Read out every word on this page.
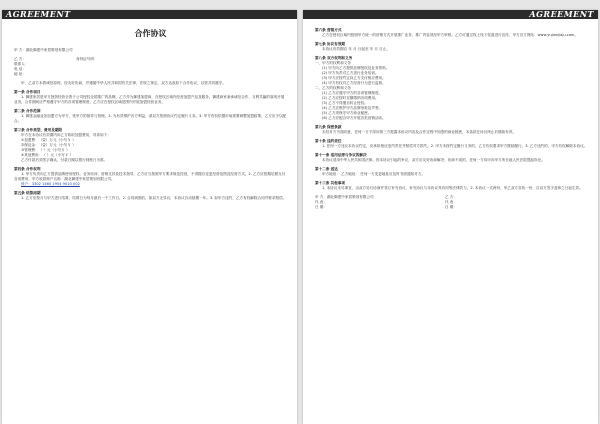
AGREEMENT
合作协议
甲 方：湖北御建中家居策划有限公司
乙 方：	身份证号码：
联系人：
电 话：
地 址：
甲、乙双方本着诚信原则，经友好协商，并遵循中华人民共和国有关法律、法规之规定，双方达成如下合作协议，以资共同遵守。
第一条 合作项目
1. 御建家居是甲方独资经营全资子公司授权全国推广的品牌，乙方作为御建加盟商，在授权区域内经营加盟产品及服务。御建商家秉承诚信合作、互利共赢的原则开展业务，合作期间应严格遵守甲方的各项管理制度，乙方应在授权区域范围内开展加盟经营业务。
第二条 合作范围
1. 御建金融业务加盟方为甲方，受甲方的指导与管理。2. 为有效维护各方利益，请双方按照协议约定履行义务。3. 甲方有权依据市场需要调整加盟政策，乙方应予以配合。
第三条 合作类型、费用及期限
甲方在本协议有效期内向乙方收取加盟费用，具体如下：
①加盟费：（壹）万元（小写￥ ）
②保证金：（壹）万元（小写￥ ）
③管理费：（ ）元（小写￥ ）
④其他费用：（ ）元（小写￥ ）
乙方付款后须签字确认，付款日期以银行到账日为准。
第四条 合作权利
1. 甲方负责向乙方提供品牌使用授权、业务培训、营销支持及技术指导，乙方应当按照甲方要求规范经营，不得擅自变更经营范围及经营方式。2. 乙方应按期足额支付各项费用，甲方收款账户名称：湖北御建中家居策划有限公司。
账户：3302 1460 1954 9010 002
第五条 结算周期
1. 乙方应按月与甲方进行结算，结算日为每月最后一个工作日。2. 合同到期后，如双方无异议，本协议自动续期一年。3. 如甲方违约，乙方有权解除合同并要求赔偿。
AGREEMENT
第六条 营销方式
乙方在授权区域内按照甲方统一的营销方式开展推广业务，推广内容须经甲方审核。乙方可通过线上线下渠道进行宣传，甲方官方网站：www.yujianjiaju.com。
第七条 协议有效期
本协议有效期自 年 月 日起至 年 月 日止。
第八条 双方权利和义务
一、甲方的权利和义务
(1) 甲方向乙方提供品牌授权及业务资料。
(2) 甲方负责对乙方进行业务培训。
(3) 甲方应按约定向乙方支付相应费用。
(4) 甲方有权对乙方经营行为进行监督。
二、乙方的权利和义务
(1) 乙方应遵守甲方的各项管理制度。
(2) 乙方应按时足额缴纳各项费用。
(3) 乙方不得擅自转让授权。
(4) 乙方应维护甲方品牌形象及声誉。
(5) 乙方须保守甲方商业秘密。
(6) 乙方应配合甲方开展各类营销活动。
第九条 保密条款
未经对方书面同意，任何一方不得向第三方披露本协议内容及合作过程中知悉的商业秘密，本条款在协议终止后继续有效。
第十条 违约责任
1. 任何一方违反本协议约定，应承担相应违约责任并赔偿对方损失。2. 甲方未按约定履行义务的，乙方有权要求甲方继续履行。3. 乙方违约的，甲方有权解除本协议。
第十一条 适用法律与争议的解决
本协议适用中华人民共和国法律。因本协议引起的争议，双方应友好协商解决；协商不成的，任何一方均可向甲方所在地人民法院提起诉讼。
第十二条 送达
甲方地址： 乙方地址： 任何一方变更地址应及时书面通知对方。
第十三条 其他事项
1. 本协议未尽事宜，由双方另行协商并签订补充协议，补充协议与本协议具有同等法律效力。2. 本协议一式两份，甲乙双方各执一份，自双方签字盖章之日起生效。
甲 方：湖北御建中家居策划有限公司	乙 方：
代 表：	代 表：
日 期：	日 期：
